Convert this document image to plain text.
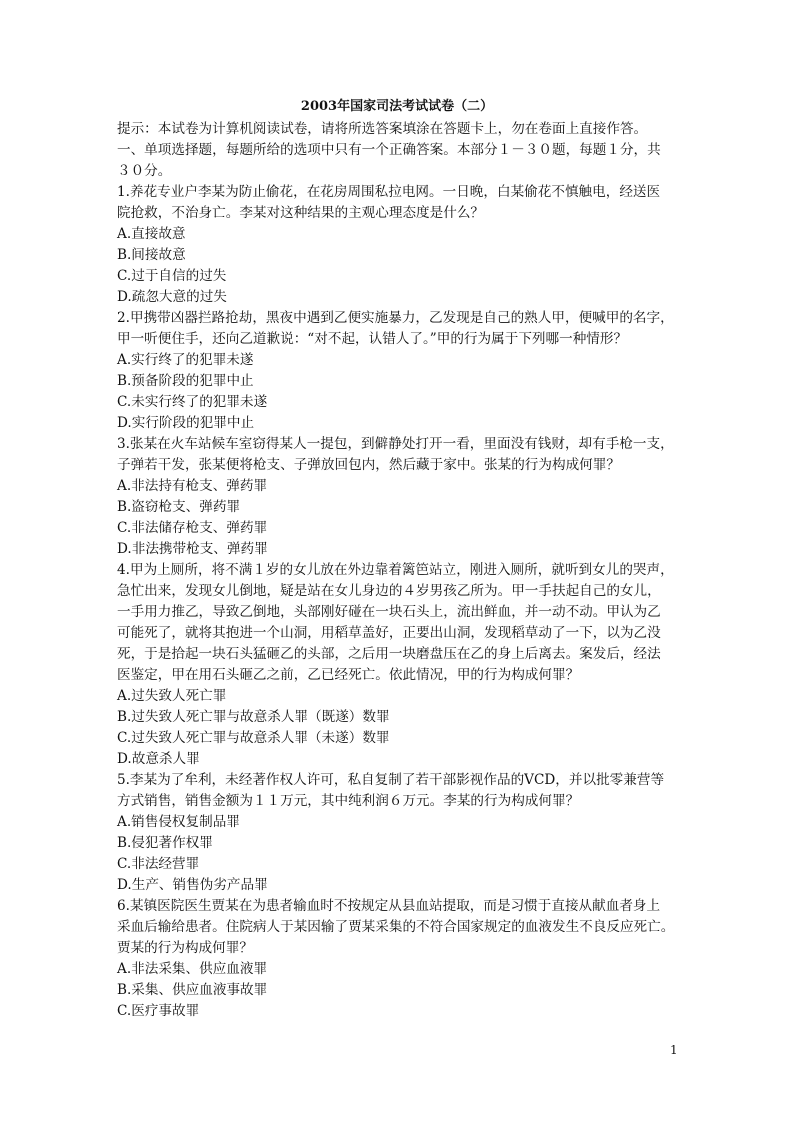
2003年国家司法考试试卷（二）
提示：本试卷为计算机阅读试卷，请将所选答案填涂在答题卡上，勿在卷面上直接作答。
一、单项选择题，每题所给的选项中只有一个正确答案。本部分１－３０题，每题１分，共
３０分。
1.养花专业户李某为防止偷花，在花房周围私拉电网。一日晚，白某偷花不慎触电，经送医
院抢救，不治身亡。李某对这种结果的主观心理态度是什么？
A.直接故意
B.间接故意
C.过于自信的过失
D.疏忽大意的过失
2.甲携带凶器拦路抢劫，黑夜中遇到乙便实施暴力，乙发现是自己的熟人甲，便喊甲的名字，
甲一听便住手，还向乙道歉说：“对不起，认错人了。”甲的行为属于下列哪一种情形？
A.实行终了的犯罪未遂
B.预备阶段的犯罪中止
C.未实行终了的犯罪未遂
D.实行阶段的犯罪中止
3.张某在火车站候车室窃得某人一提包，到僻静处打开一看，里面没有钱财，却有手枪一支，
子弹若干发，张某便将枪支、子弹放回包内，然后藏于家中。张某的行为构成何罪？
A.非法持有枪支、弹药罪
B.盗窃枪支、弹药罪
C.非法储存枪支、弹药罪
D.非法携带枪支、弹药罪
4.甲为上厕所，将不满１岁的女儿放在外边靠着篱笆站立，刚进入厕所，就听到女儿的哭声，
急忙出来，发现女儿倒地，疑是站在女儿身边的４岁男孩乙所为。甲一手扶起自己的女儿，
一手用力推乙，导致乙倒地，头部刚好碰在一块石头上，流出鲜血，并一动不动。甲认为乙
可能死了，就将其抱进一个山洞，用稻草盖好，正要出山洞，发现稻草动了一下，以为乙没
死，于是拾起一块石头猛砸乙的头部，之后用一块磨盘压在乙的身上后离去。案发后，经法
医鉴定，甲在用石头砸乙之前，乙已经死亡。依此情况，甲的行为构成何罪？
A.过失致人死亡罪
B.过失致人死亡罪与故意杀人罪（既遂）数罪
C.过失致人死亡罪与故意杀人罪（未遂）数罪
D.故意杀人罪
5.李某为了牟利，未经著作权人许可，私自复制了若干部影视作品的VCD，并以批零兼营等
方式销售，销售金额为１１万元，其中纯利润６万元。李某的行为构成何罪？
A.销售侵权复制品罪
B.侵犯著作权罪
C.非法经营罪
D.生产、销售伪劣产品罪
6.某镇医院医生贾某在为患者输血时不按规定从县血站提取，而是习惯于直接从献血者身上
采血后输给患者。住院病人于某因输了贾某采集的不符合国家规定的血液发生不良反应死亡。
贾某的行为构成何罪？
A.非法采集、供应血液罪
B.采集、供应血液事故罪
C.医疗事故罪
1
